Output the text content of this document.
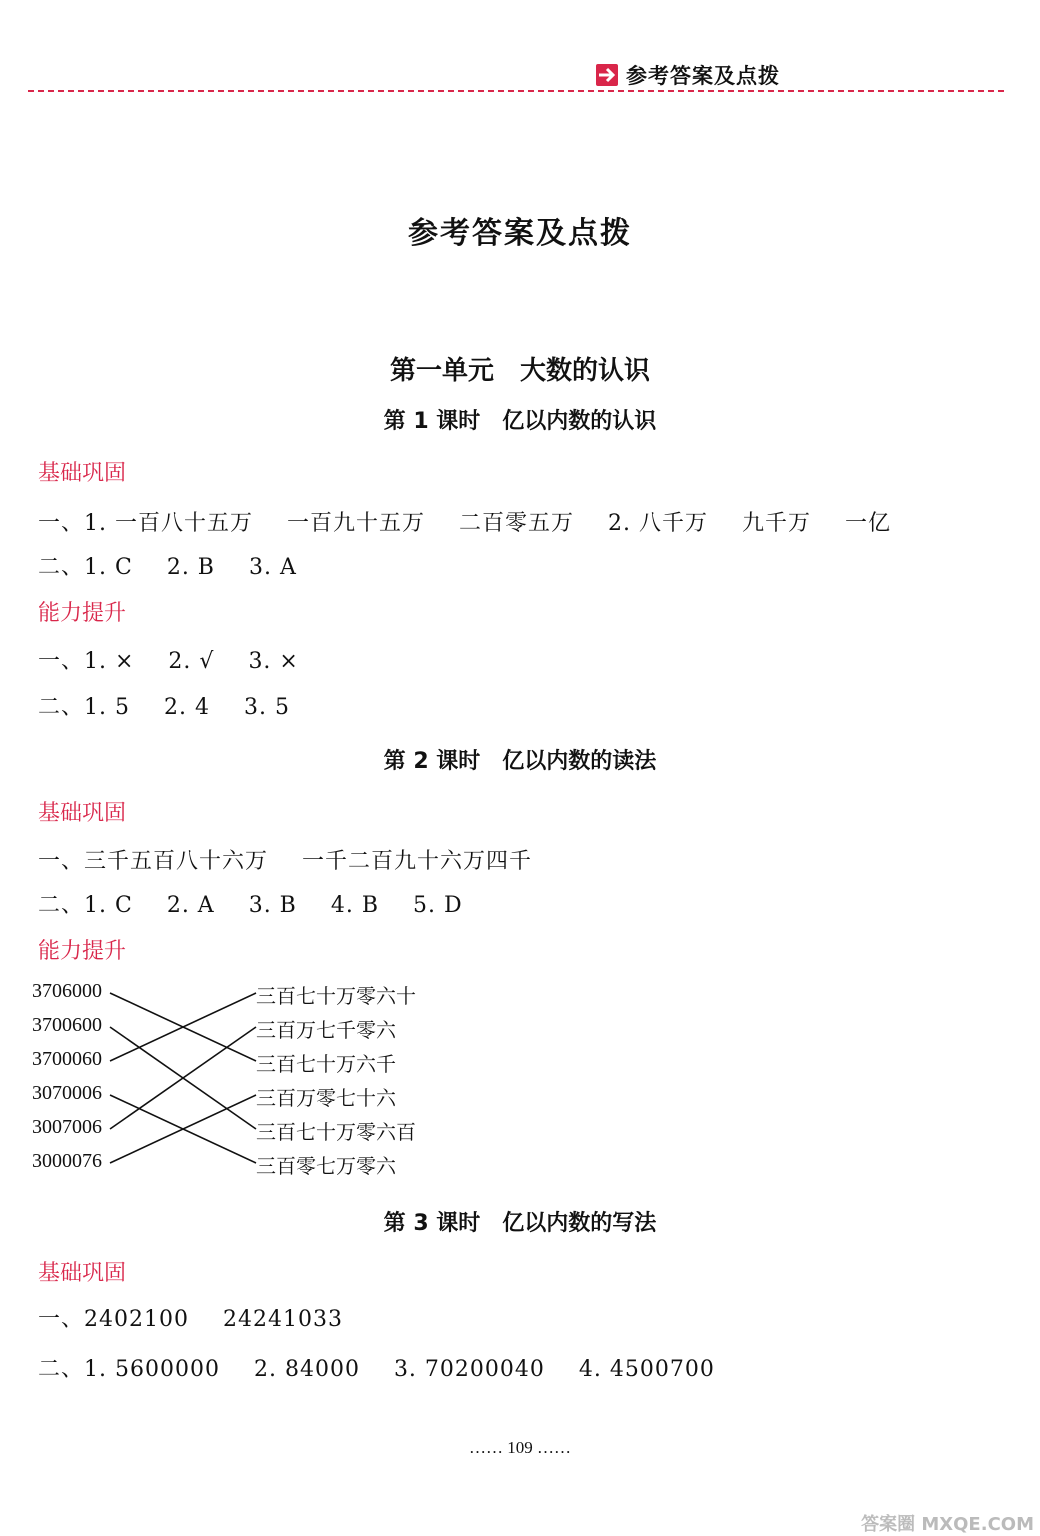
参考答案及点拨
参考答案及点拨
第一单元　大数的认识
第 1 课时　亿以内数的认识
基础巩固
一、1. 一百八十五万 一百九十五万 二百零五万 2. 八千万 九千万 一亿
二、1. C 2. B 3. A
能力提升
一、1. × 2. √ 3. ×
二、1. 5 2. 4 3. 5
第 2 课时　亿以内数的读法
基础巩固
一、三千五百八十六万 一千二百九十六万四千
二、1. C 2. A 3. B 4. B 5. D
能力提升
3706000
3700600
3700060
3070006
3007006
3000076
三百七十万零六十
三百万七千零六
三百七十万六千
三百万零七十六
三百七十万零六百
三百零七万零六
第 3 课时　亿以内数的写法
基础巩固
一、2402100 24241033
二、1. 5600000 2. 84000 3. 70200040 4. 4500700
…… 109 ……
答案圈 MXQE.COM
